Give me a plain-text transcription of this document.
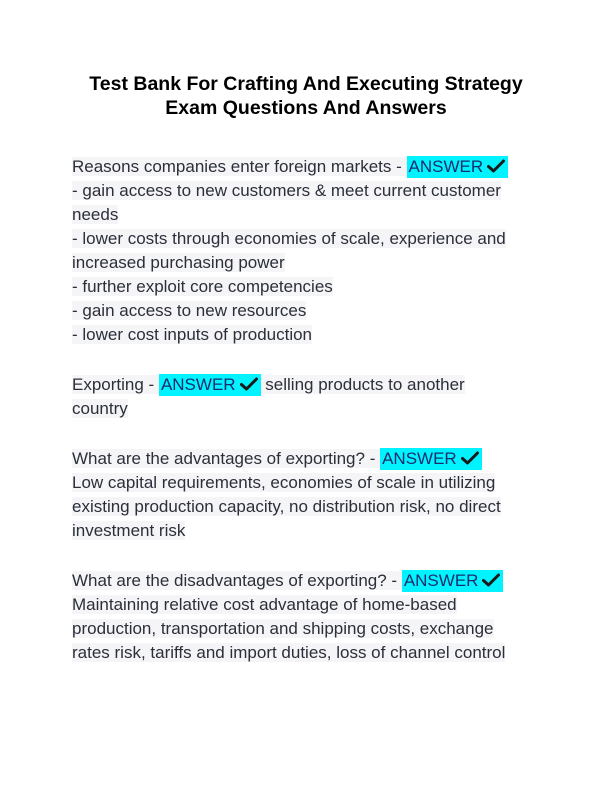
Test Bank For Crafting And Executing Strategy
Exam Questions And Answers
Reasons companies enter foreign markets - ANSWER
- gain access to new customers & meet current customer
needs
- lower costs through economies of scale, experience and
increased purchasing power
- further exploit core competencies
- gain access to new resources
- lower cost inputs of production
Exporting - ANSWER selling products to another
country
What are the advantages of exporting? - ANSWER
Low capital requirements, economies of scale in utilizing
existing production capacity, no distribution risk, no direct
investment risk
What are the disadvantages of exporting? - ANSWER
Maintaining relative cost advantage of home-based
production, transportation and shipping costs, exchange
rates risk, tariffs and import duties, loss of channel control
